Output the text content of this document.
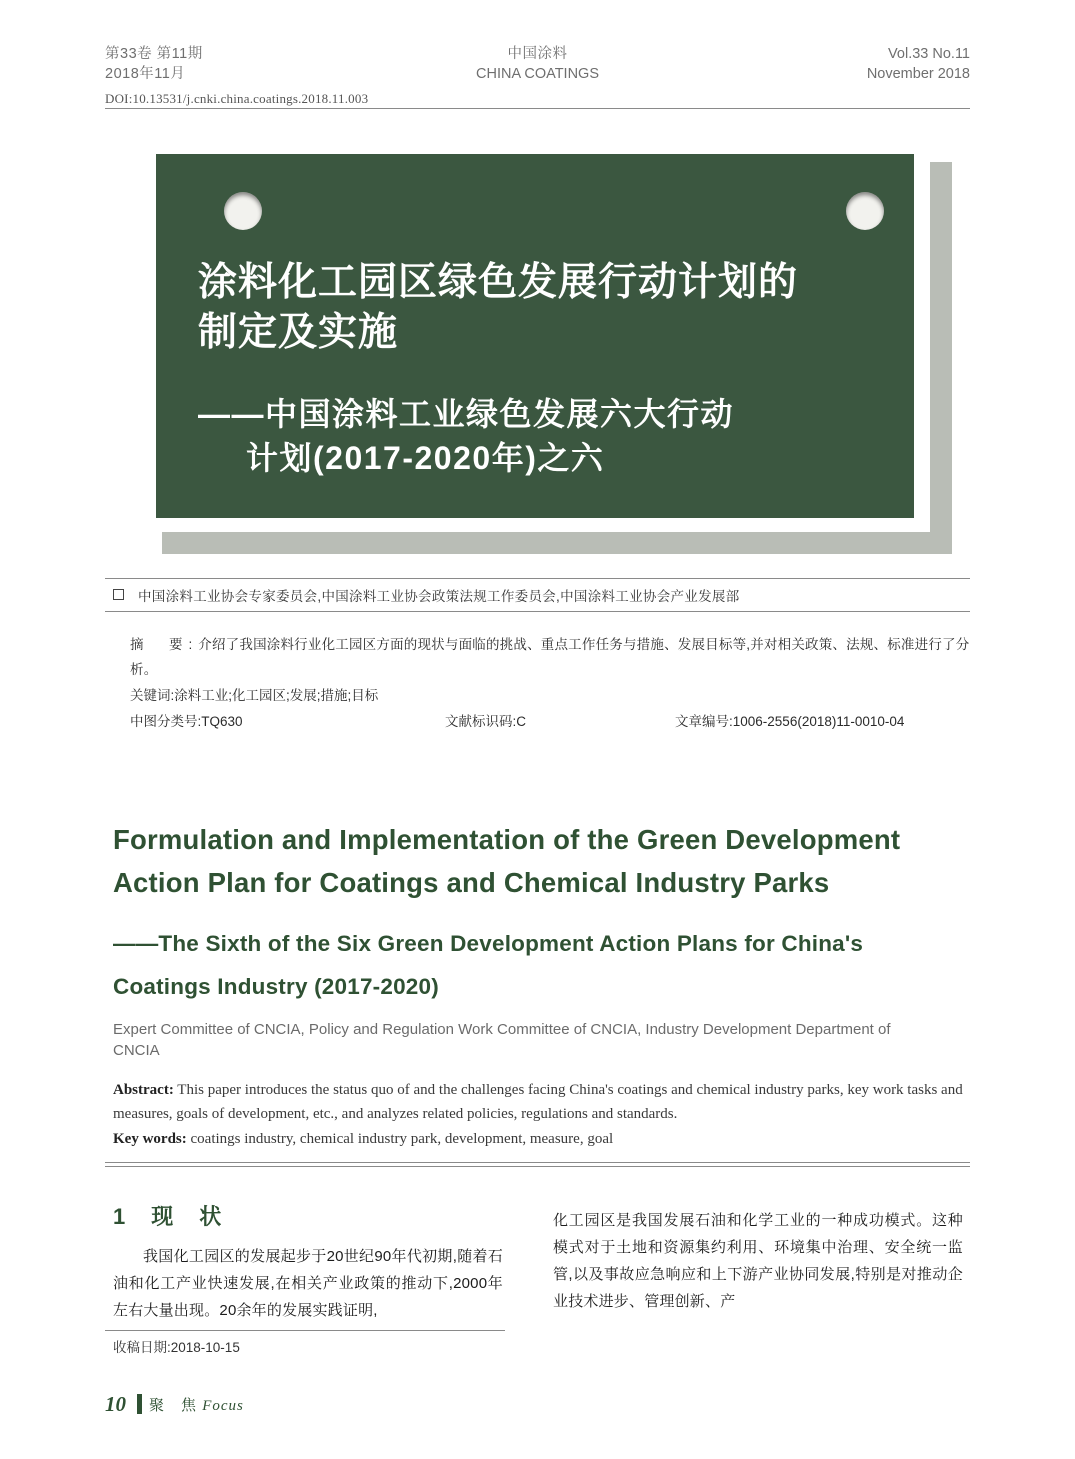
第33卷 第11期
2018年11月
中国涂料
CHINA COATINGS
Vol.33 No.11
November 2018
DOI:10.13531/j.cnki.china.coatings.2018.11.003
涂料化工园区绿色发展行动计划的
制定及实施
——中国涂料工业绿色发展六大行动
计划(2017-2020年)之六
中国涂料工业协会专家委员会,中国涂料工业协会政策法规工作委员会,中国涂料工业协会产业发展部
摘　要:介绍了我国涂料行业化工园区方面的现状与面临的挑战、重点工作任务与措施、发展目标等,并对相关政策、法规、标准进行了分析。
关键词:涂料工业;化工园区;发展;措施;目标
中图分类号:TQ630	文献标识码:C	文章编号:1006-2556(2018)11-0010-04
Formulation and Implementation of the Green Development
Action Plan for Coatings and Chemical Industry Parks
——The Sixth of the Six Green Development Action Plans for China's
Coatings Industry (2017-2020)
Expert Committee of CNCIA, Policy and Regulation Work Committee of CNCIA, Industry Development Department of CNCIA
Abstract: This paper introduces the status quo of and the challenges facing China's coatings and chemical industry parks, key work tasks and measures, goals of development, etc., and analyzes related policies, regulations and standards.
Key words: coatings industry, chemical industry park, development, measure, goal
1　现　状

我国化工园区的发展起步于20世纪90年代初期,随着石油和化工产业快速发展,在相关产业政策的推动下,2000年左右大量出现。20余年的发展实践证明,

化工园区是我国发展石油和化学工业的一种成功模式。这种模式对于土地和资源集约利用、环境集中治理、安全统一监管,以及事故应急响应和上下游产业协同发展,特别是对推动企业技术进步、管理创新、产

收稿日期:2018-10-15
10 聚　焦 Focus
